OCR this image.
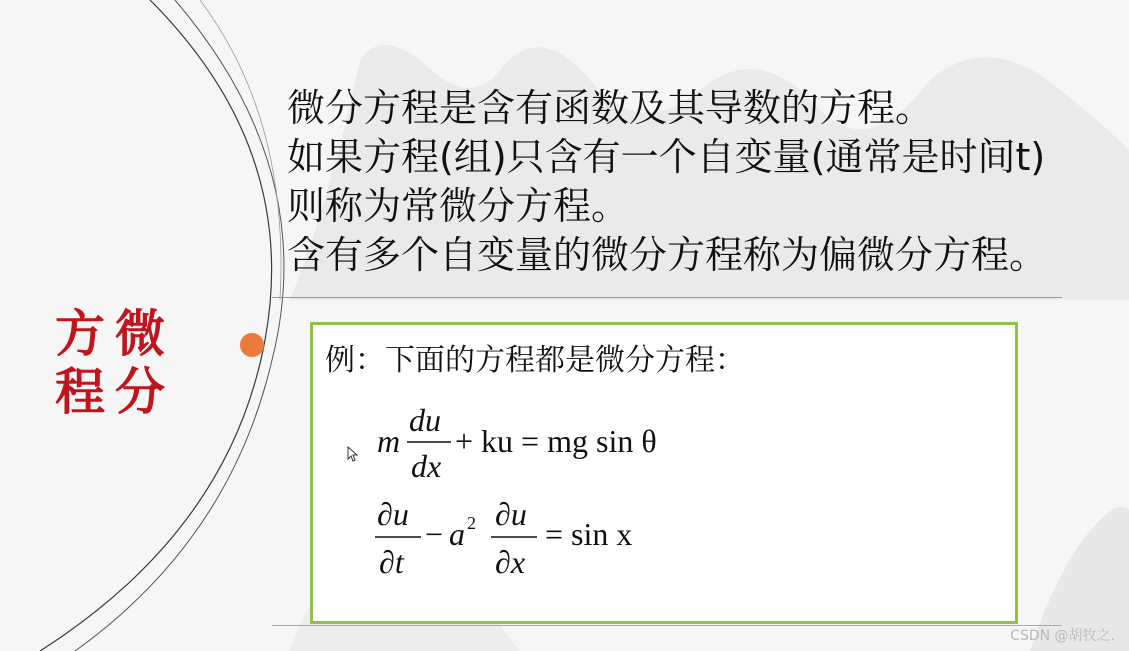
方 微
程 分
微分方程是含有函数及其导数的方程。
如果方程(组)只含有一个自变量(通常是时间t)
则称为常微分方程。
含有多个自变量的微分方程称为偏微分方程。
例：下面的方程都是微分方程：
m
du
dx
+ ku = mg sin θ
∂u
∂t
− a 2 ∂u
∂x
= sin x
CSDN @胡牧之.
